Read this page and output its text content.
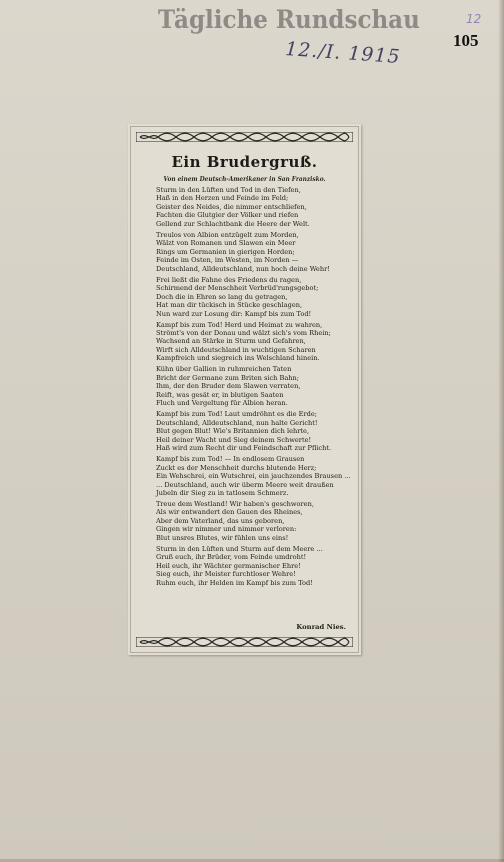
Tägliche Rundschau	12
105
12./I. 1915
Ein Brudergruß.
Von einem Deutsch-Amerikaner in San Franzisko.
Sturm in den Lüften und Tod in den Tiefen,
Haß in den Herzen und Feinde im Feld;
Geister des Neides, die nimmer entschliefen,
Fachten die Glutgier der Völker und riefen
Gellend zur Schlachtbank die Heere der Welt.
Treulos von Albion entzügelt zum Morden,
Wälzt von Romanen und Slawen ein Meer
Rings um Germanien in gierigen Horden;
Feinde im Osten, im Westen, im Norden —
Deutschland, Alldeutschland, nun hoch deine Wehr!
Frei ließt die Fahne des Friedens du ragen,
Schirmend der Menschheit Verbrüd'rungsgebot;
Doch die in Ehren so lang du getragen,
Hat man dir tückisch in Stücke geschlagen,
Nun ward zur Losung dir: Kampf bis zum Tod!
Kampf bis zum Tod! Herd und Heimat zu wahren,
Strömt's von der Donau und wälzt sich's vom Rhein;
Wachsend an Stärke in Sturm und Gefahren,
Wirft sich Alldeutschland in wuchtigen Scharen
Kampfreich und siegreich ins Welschland hinein.
Kühn über Gallien in ruhmreichen Taten
Bricht der Germane zum Briten sich Bahn;
Ihm, der den Bruder dem Slawen verraten,
Reift, was gesät er, in blutigen Saaten
Fluch und Vergeltung für Albion heran.
Kampf bis zum Tod! Laut umdröhnt es die Erde;
Deutschland, Alldeutschland, nun halte Gericht!
Blut gegen Blut! Wie's Britannien dich lehrte,
Heil deiner Wacht und Sieg deinem Schwerte!
Haß wird zum Recht dir und Feindschaft zur Pflicht.
Kampf bis zum Tod! — In endlosem Grausen
Zuckt es der Menschheit durchs blutende Herz;
Ein Wehschrei, ein Wutschrei, ein jauchzendes Brausen ...
... Deutschland, auch wir überm Meere weit draußen
Jubeln dir Sieg zu in tatlosem Schmerz.
Treue dem Westland! Wir haben's geschworen,
Als wir entwandert den Gauen des Rheines,
Aber dem Vaterland, das uns geboren,
Gingen wir nimmer und nimmer verloren:
Blut unsres Blutes, wir fühlen uns eins!
Sturm in den Lüften und Sturm auf dem Meere ...
Gruß euch, ihr Brüder, vom Feinde umdroht!
Heil euch, ihr Wächter germanischer Ehre!
Sieg euch, ihr Meister furchtloser Wehre!
Ruhm euch, ihr Helden im Kampf bis zum Tod!
Konrad Nies.
